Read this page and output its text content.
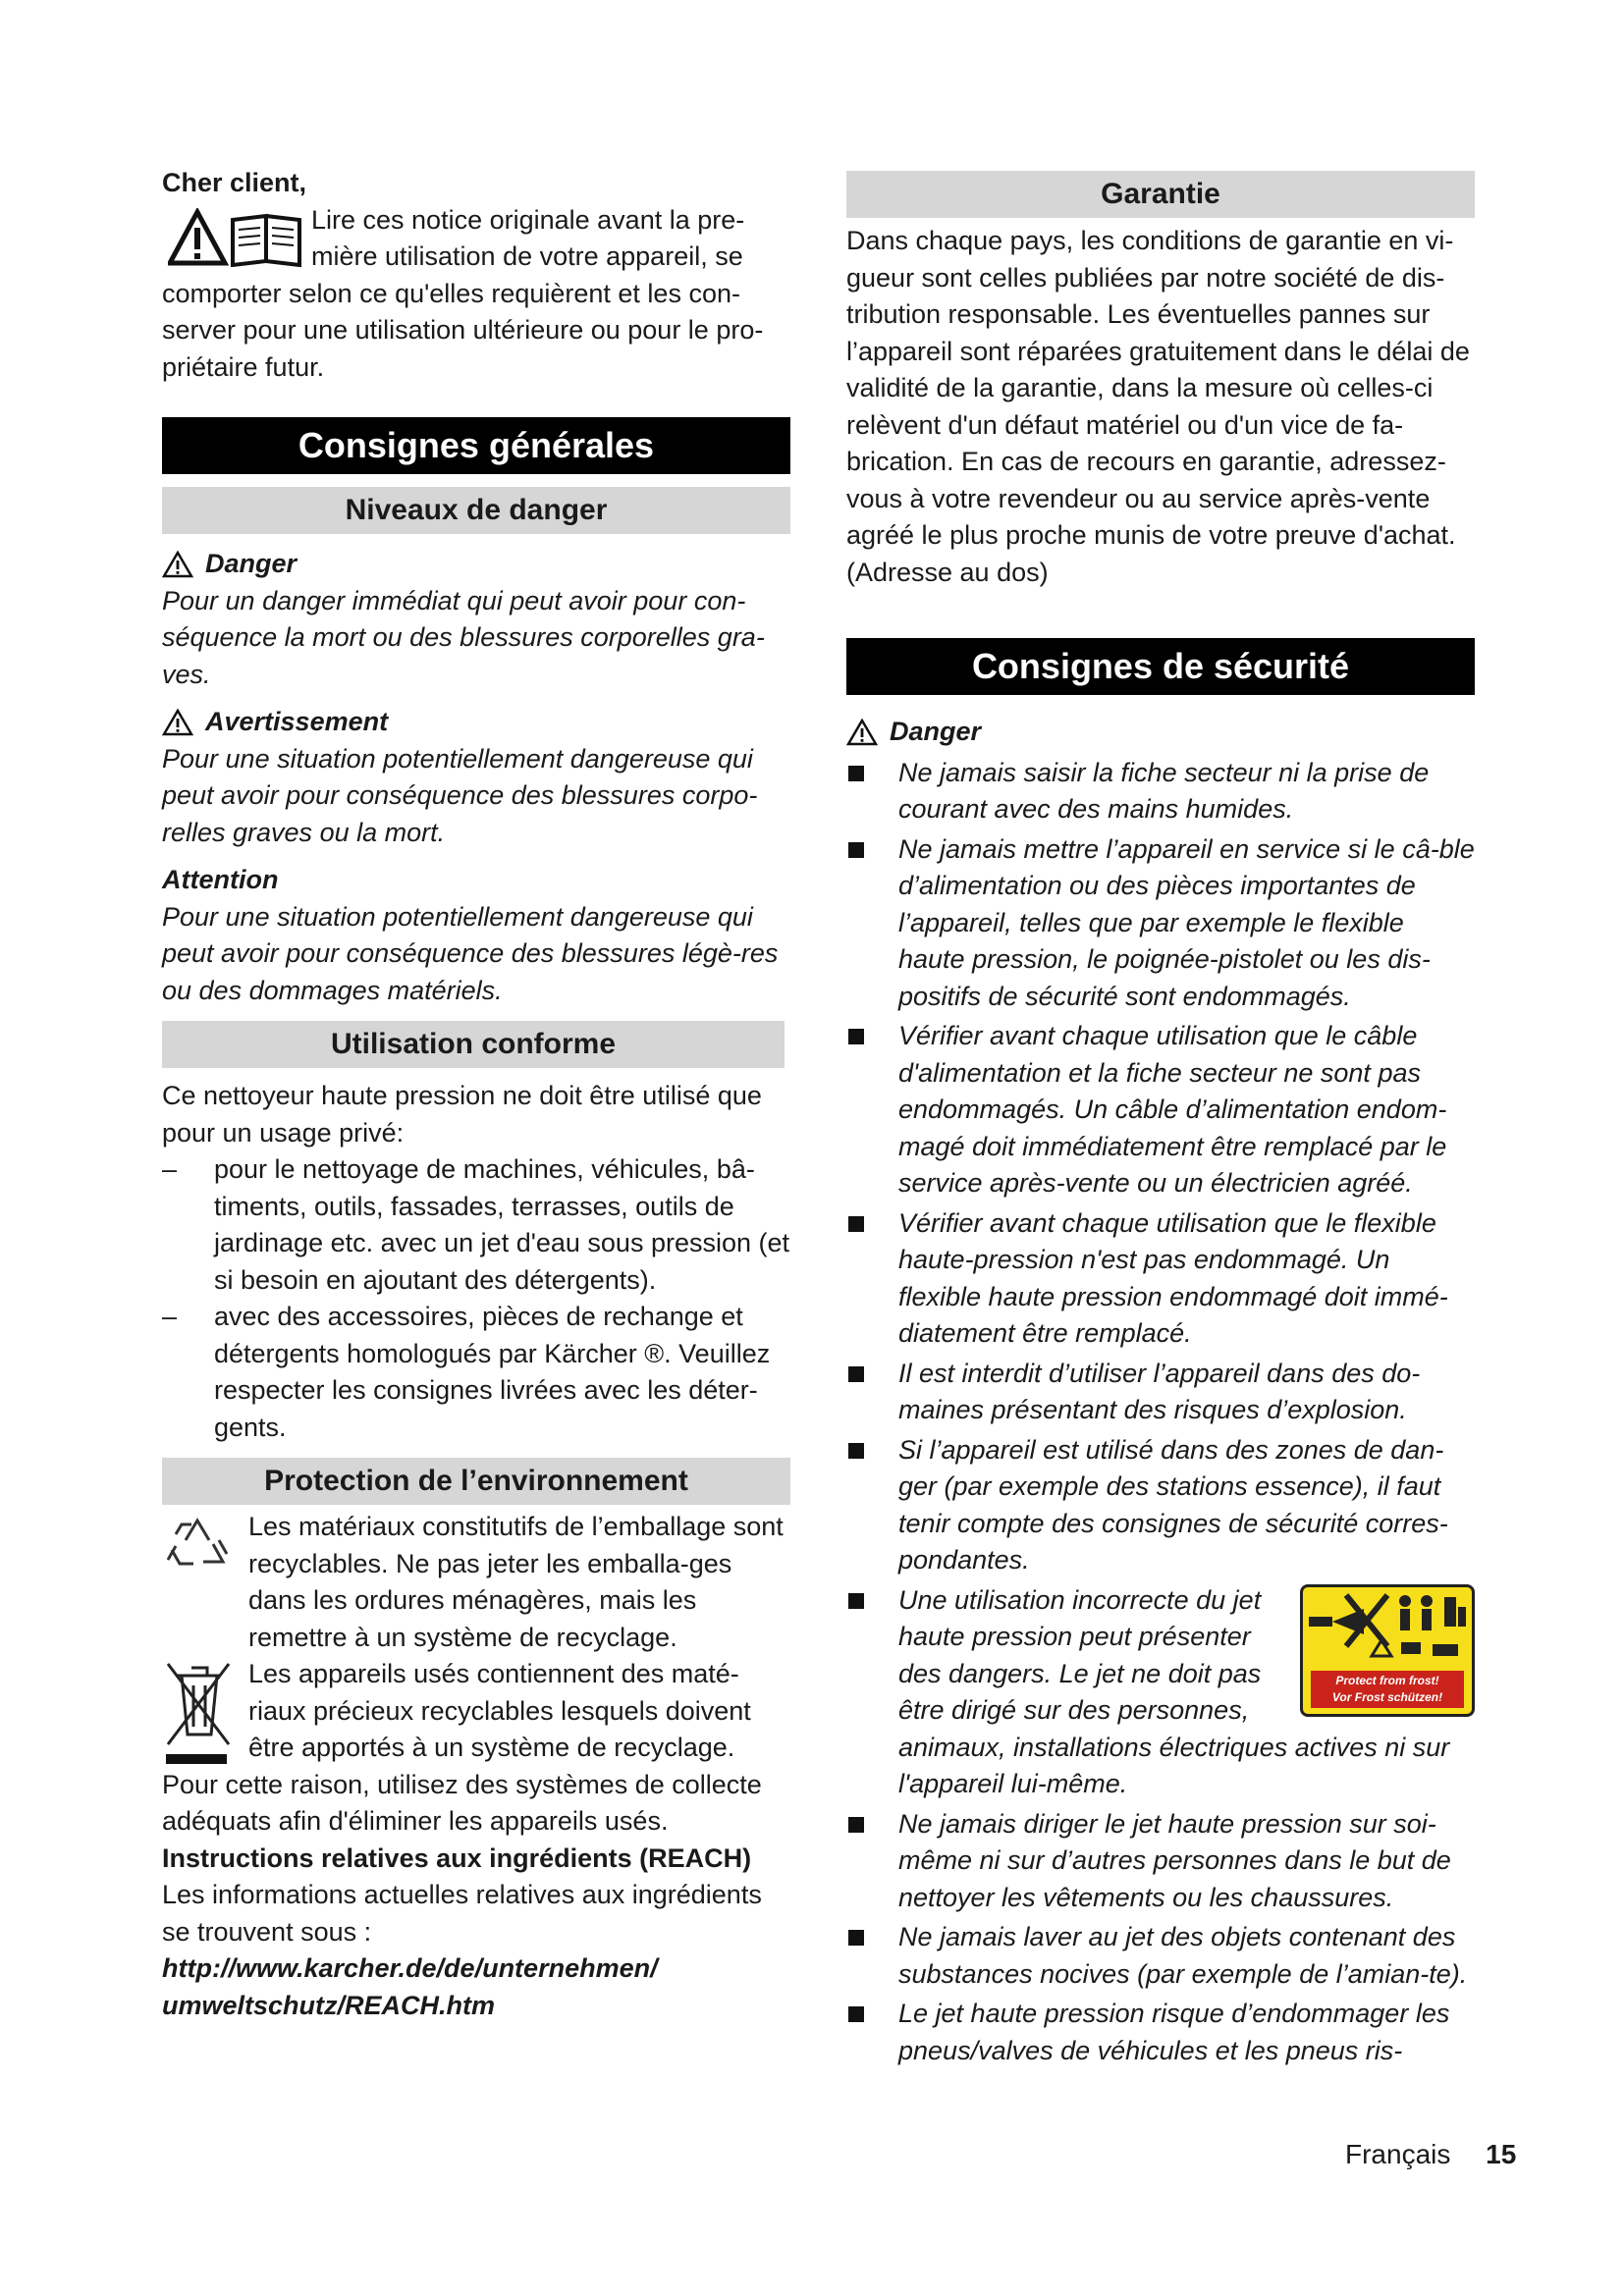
Cher client,
Lire ces notice originale avant la pre-
mière utilisation de votre appareil, se
comporter selon ce qu'elles requièrent et les con-server pour une utilisation ultérieure ou pour le pro-priétaire futur.
Consignes générales
Niveaux de danger
Danger
Pour un danger immédiat qui peut avoir pour con-séquence la mort ou des blessures corporelles gra-ves.
Avertissement
Pour une situation potentiellement dangereuse qui peut avoir pour conséquence des blessures corpo-relles graves ou la mort.
Attention
Pour une situation potentiellement dangereuse qui peut avoir pour conséquence des blessures légè-res ou des dommages matériels.
Utilisation conforme
Ce nettoyeur haute pression ne doit être utilisé que pour un usage privé:
– pour le nettoyage de machines, véhicules, bâ-timents, outils, fassades, terrasses, outils de jardinage etc. avec un jet d'eau sous pression (et si besoin en ajoutant des détergents).
– avec des accessoires, pièces de rechange et détergents homologués par Kärcher ®. Veuillez respecter les consignes livrées avec les déter-gents.
Protection de l’environnement
Les matériaux constitutifs de l’emballage sont recyclables. Ne pas jeter les emballa-ges dans les ordures ménagères, mais les remettre à un système de recyclage.
Les appareils usés contiennent des maté-riaux précieux recyclables lesquels doivent être apportés à un système de recyclage.
Pour cette raison, utilisez des systèmes de collecte adéquats afin d'éliminer les appareils usés.
Instructions relatives aux ingrédients (REACH)
Les informations actuelles relatives aux ingrédients se trouvent sous :
http://www.karcher.de/de/unternehmen/
umweltschutz/REACH.htm
Garantie
Dans chaque pays, les conditions de garantie en vi-gueur sont celles publiées par notre société de dis-tribution responsable. Les éventuelles pannes sur l’appareil sont réparées gratuitement dans le délai de validité de la garantie, dans la mesure où celles-ci relèvent d'un défaut matériel ou d'un vice de fa-brication. En cas de recours en garantie, adressez-vous à votre revendeur ou au service après-vente agréé le plus proche munis de votre preuve d'achat. (Adresse au dos)
Consignes de sécurité
Danger
Ne jamais saisir la fiche secteur ni la prise de courant avec des mains humides.
Ne jamais mettre l’appareil en service si le câ-ble d’alimentation ou des pièces importantes de l’appareil, telles que par exemple le flexible haute pression, le poignée-pistolet ou les dis-positifs de sécurité sont endommagés.
Vérifier avant chaque utilisation que le câble d'alimentation et la fiche secteur ne sont pas endommagés. Un câble d’alimentation endom-magé doit immédiatement être remplacé par le service après-vente ou un électricien agréé.
Vérifier avant chaque utilisation que le flexible haute-pression n'est pas endommagé. Un flexible haute pression endommagé doit immé-diatement être remplacé.
Il est interdit d’utiliser l’appareil dans des do-maines présentant des risques d’explosion.
Si l’appareil est utilisé dans des zones de dan-ger (par exemple des stations essence), il faut tenir compte des consignes de sécurité corres-pondantes.
Une utilisation incorrecte du jet
haute pression peut présenter
des dangers. Le jet ne doit pas
être dirigé sur des personnes,
animaux, installations électriques actives ni sur l'appareil lui-même.
Protect from frost!
Vor Frost schützen!
Ne jamais diriger le jet haute pression sur soi-même ni sur d’autres personnes dans le but de nettoyer les vêtements ou les chaussures.
Ne jamais laver au jet des objets contenant des substances nocives (par exemple de l’amian-te).
Le jet haute pression risque d’endommager les pneus/valves de véhicules et les pneus ris-
Français 15
